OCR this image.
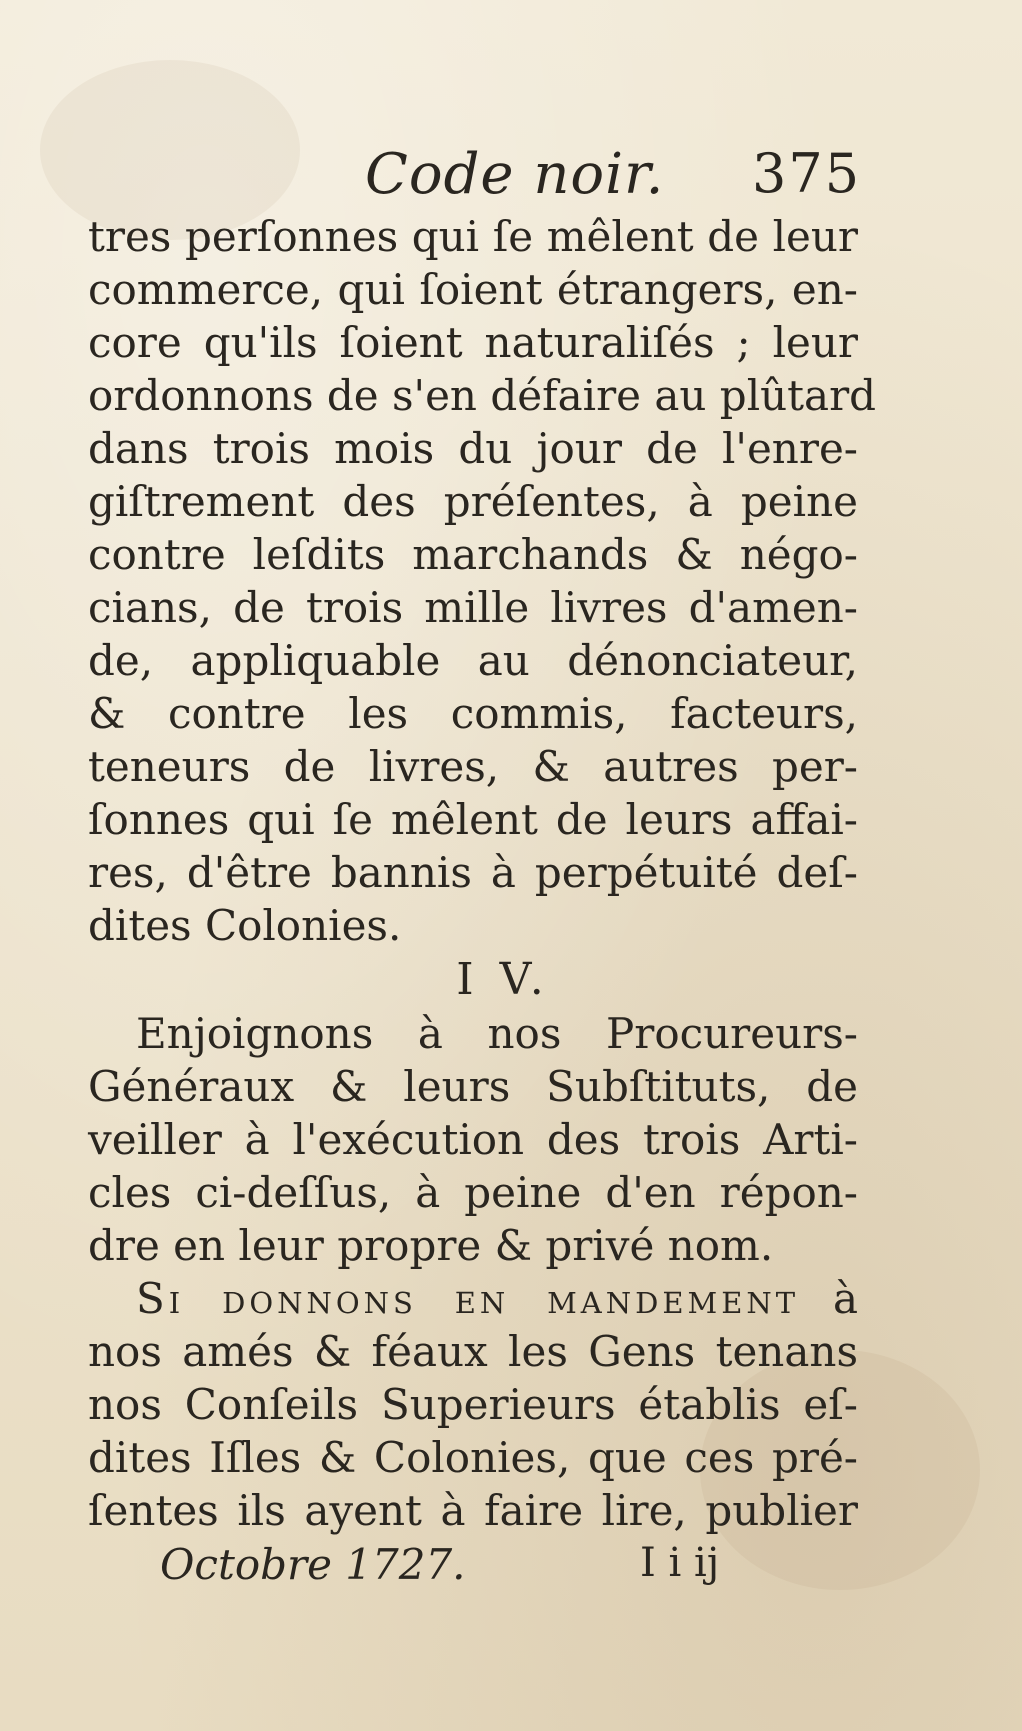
Code noir. 375
tres perſonnes qui ſe mêlent de leur
commerce, qui ſoient étrangers, en-
core qu'ils ſoient naturaliſés ; leur
ordonnons de s'en défaire au plûtard
dans trois mois du jour de l'enre-
giſtrement des préſentes, à peine
contre leſdits marchands & négo-
cians, de trois mille livres d'amen-
de, appliquable au dénonciateur,
& contre les commis, facteurs,
teneurs de livres, & autres per-
ſonnes qui ſe mêlent de leurs affai-
res, d'être bannis à perpétuité deſ-
dites Colonies.
I V.
Enjoignons à nos Procureurs-
Généraux & leurs Subſtituts, de
veiller à l'exécution des trois Arti-
cles ci-deſſus, à peine d'en répon-
dre en leur propre & privé nom.
Si donnons en mandement à
nos amés & féaux les Gens tenans
nos Conſeils Superieurs établis eſ-
dites Iſles & Colonies, que ces pré-
ſentes ils ayent à faire lire, publier
Octobre 1727.	I i ij
